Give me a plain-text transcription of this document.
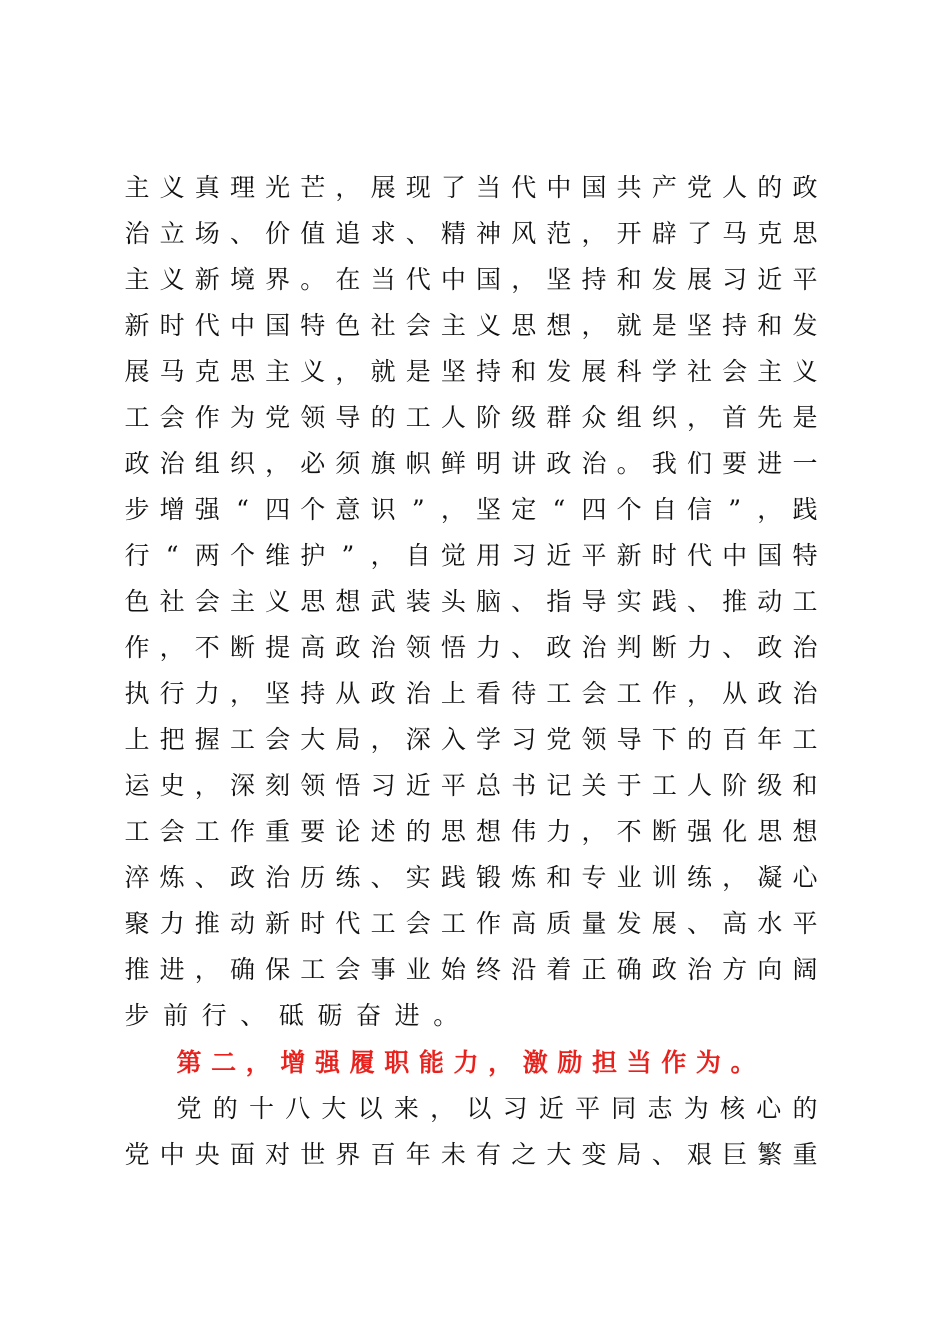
主 义 真 理 光 芒 ， 展 现 了 当 代 中 国 共 产 党 人 的 政
治 立 场 、 价 值 追 求 、 精 神 风 范 ， 开 辟 了 马 克 思
主 义 新 境 界 。 在 当 代 中 国 ， 坚 持 和 发 展 习 近 平
新 时 代 中 国 特 色 社 会 主 义 思 想 ， 就 是 坚 持 和 发
展 马 克 思 主 义 ， 就 是 坚 持 和 发 展 科 学 社 会 主 义
工 会 作 为 党 领 导 的 工 人 阶 级 群 众 组 织 ， 首 先 是
政 治 组 织 ， 必 须 旗 帜 鲜 明 讲 政 治 。 我 们 要 进 一
步 增 强 “ 四 个 意 识 ” ， 坚 定 “ 四 个 自 信 ” ， 践
行 “ 两 个 维 护 ” ， 自 觉 用 习 近 平 新 时 代 中 国 特
色 社 会 主 义 思 想 武 装 头 脑 、 指 导 实 践 、 推 动 工
作 ， 不 断 提 高 政 治 领 悟 力 、 政 治 判 断 力 、 政 治
执 行 力 ， 坚 持 从 政 治 上 看 待 工 会 工 作 ， 从 政 治
上 把 握 工 会 大 局 ， 深 入 学 习 党 领 导 下 的 百 年 工
运 史 ， 深 刻 领 悟 习 近 平 总 书 记 关 于 工 人 阶 级 和
工 会 工 作 重 要 论 述 的 思 想 伟 力 ， 不 断 强 化 思 想
淬 炼 、 政 治 历 练 、 实 践 锻 炼 和 专 业 训 练 ， 凝 心
聚 力 推 动 新 时 代 工 会 工 作 高 质 量 发 展 、 高 水 平
推 进 ， 确 保 工 会 事 业 始 终 沿 着 正 确 政 治 方 向 阔
步 前 行 、 砥 砺 奋 进 。
第 二 ， 增 强 履 职 能 力 ， 激 励 担 当 作 为 。
党 的 十 八 大 以 来 ， 以 习 近 平 同 志 为 核 心 的
党 中 央 面 对 世 界 百 年 未 有 之 大 变 局 、 艰 巨 繁 重
